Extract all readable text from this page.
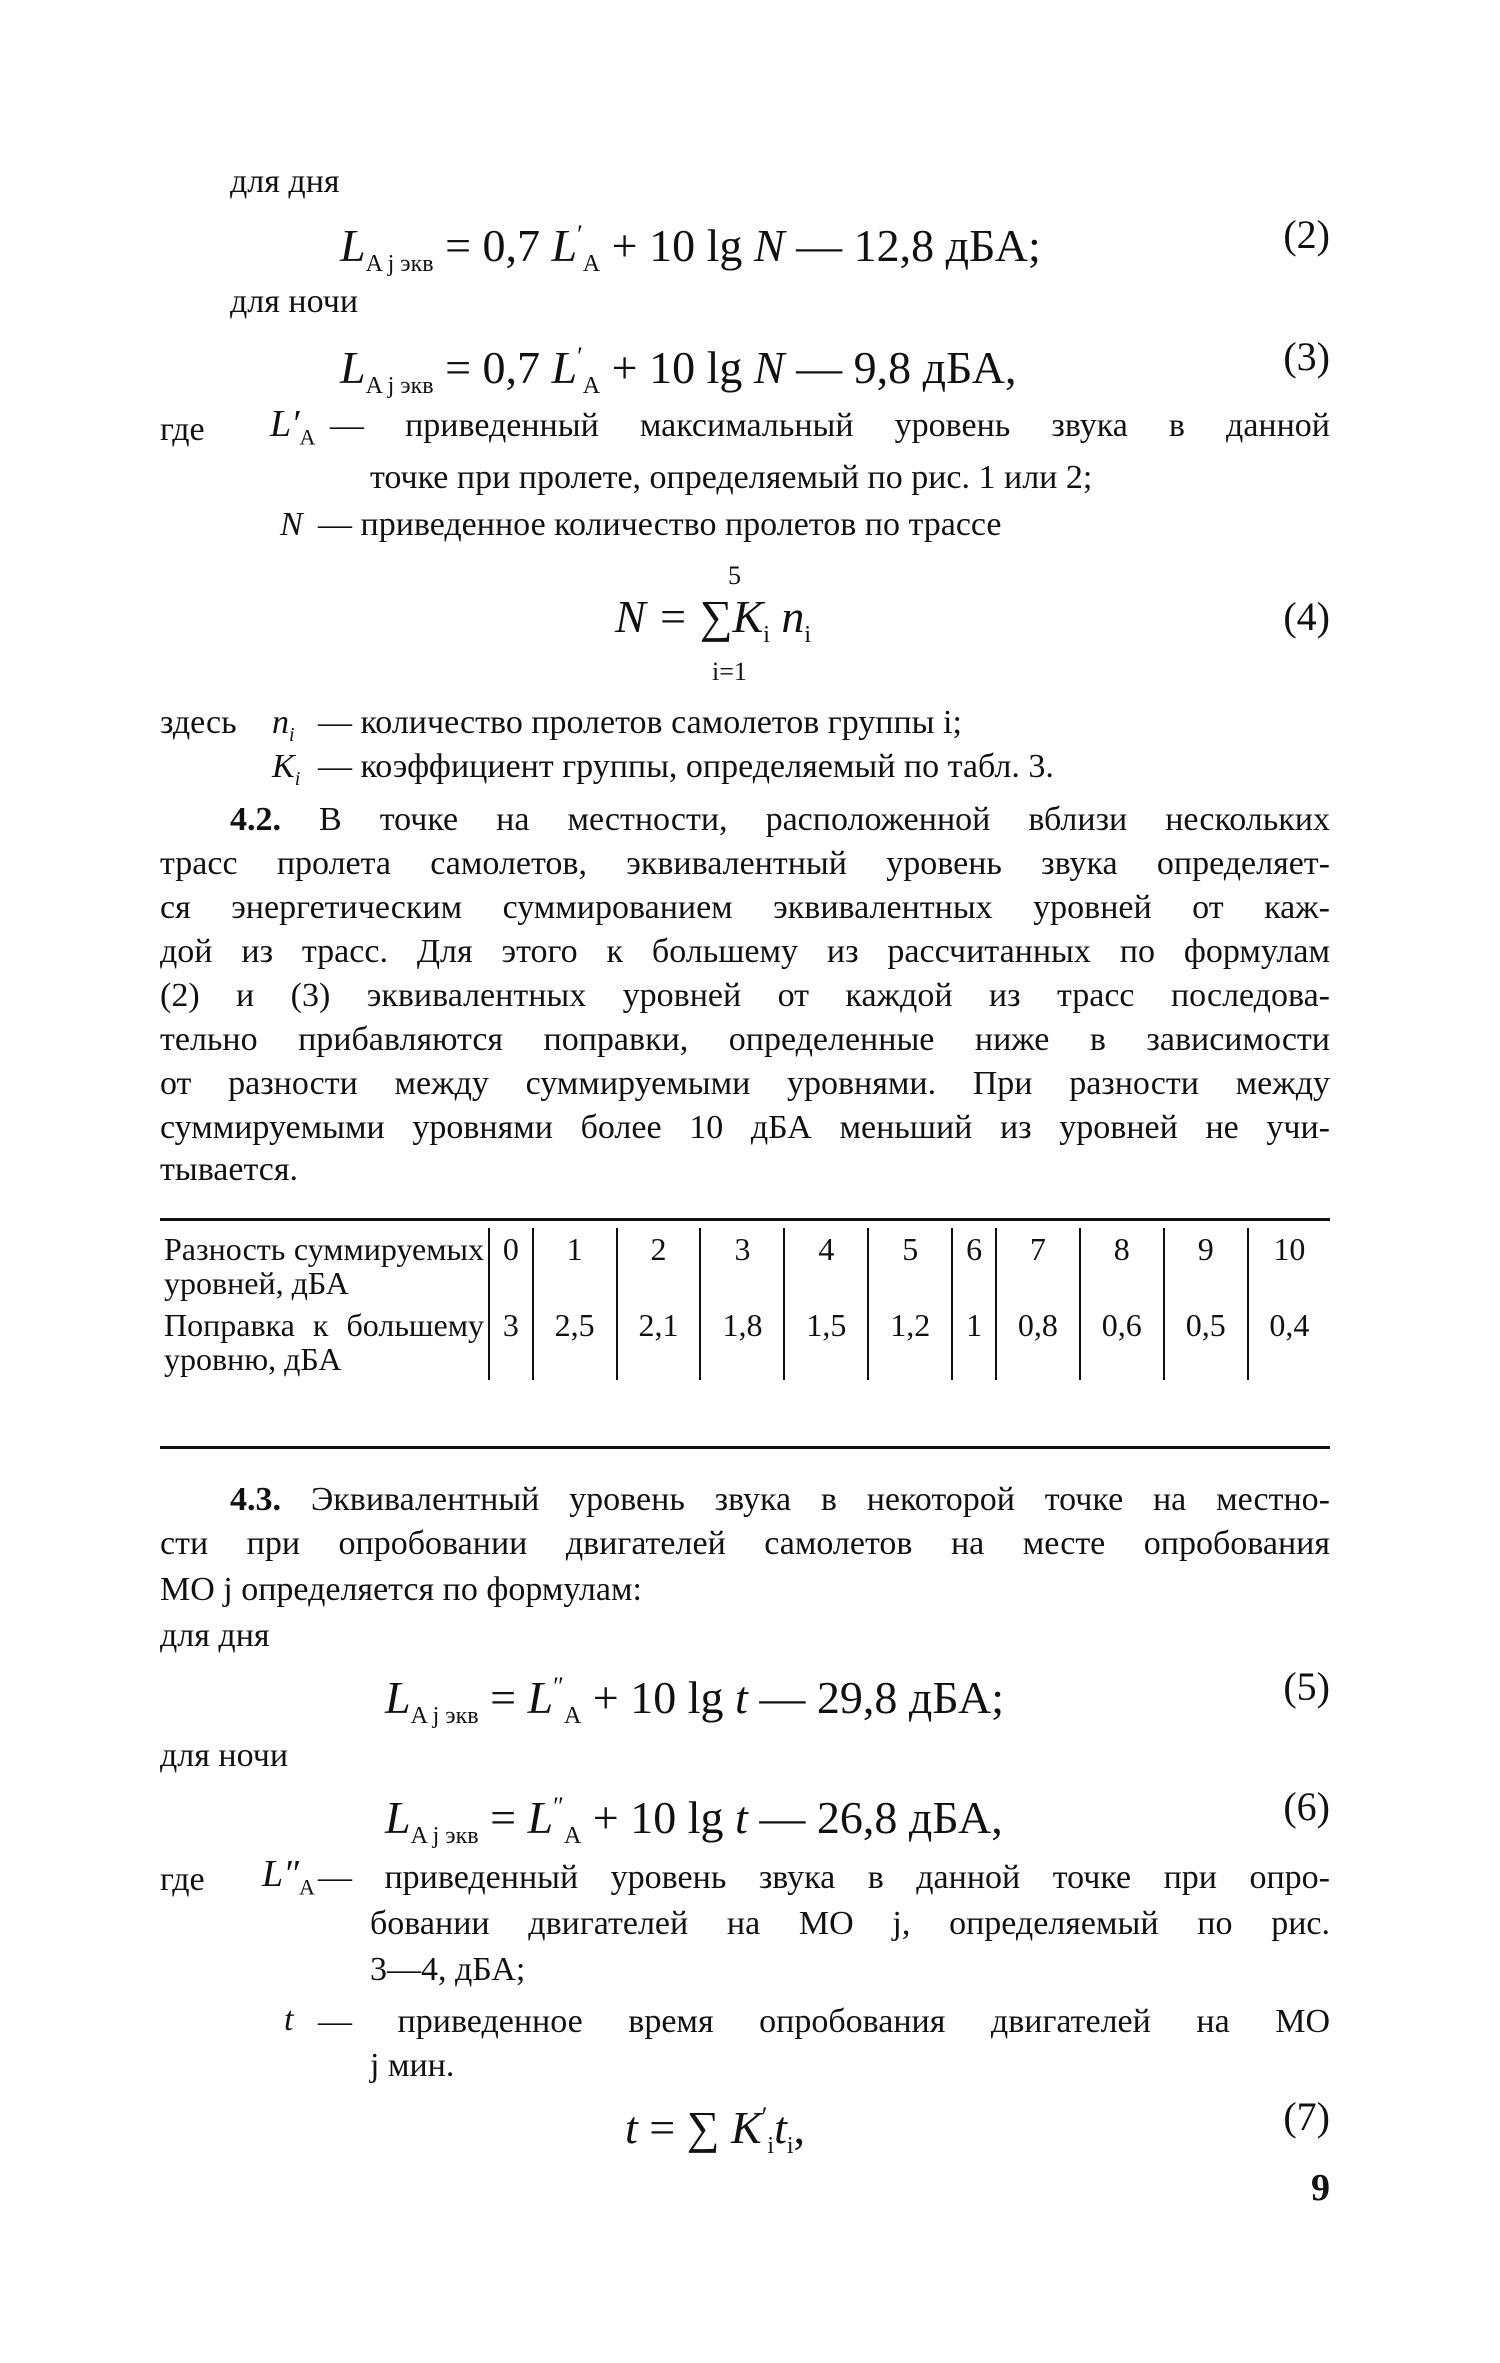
для дня
$L_{A j экв} = 0,7$ $L'_A + 10$ lg N — 12,8 дБА;	(2)
для ночи
$L_{A j экв} = 0,7$ $L'_A + 10$ lg N — 9,8 дБА,	(3)
где $L'_A$ — приведенный максимальный уровень звука в данной
точке при пролете, определяемый по рис. 1 или 2;
N — приведенное количество пролетов по трассе
5
$N = \sum K_i$ $n_i$
i=1
(4)
здесь $n_i$ — количество пролетов самолетов группы i;
$K_i$ — коэффициент группы, определяемый по табл. 3.
4.2. В точке на местности, расположенной вблизи нескольких
трасс пролета самолетов, эквивалентный уровень звука определяет-
ся энергетическим суммированием эквивалентных уровней от каж-
дой из трасс. Для этого к большему из рассчитанных по формулам
(2) и (3) эквивалентных уровней от каждой из трасс последова-
тельно прибавляются поправки, определенные ниже в зависимости
от разности между суммируемыми уровнями. При разности между
суммируемыми уровнями более 10 дБА меньший из уровней не учи-
тывается.
Разность суммируемых уровней, дБА	0	1	2	3	4	5	6	7	8	9	10
Поправка к большему уровню, дБА	3	2,5	2,1	1,8	1,5	1,2	1	0,8	0,6	0,5	0,4
4.3. Эквивалентный уровень звука в некоторой точке на местно-
сти при опробовании двигателей самолетов на месте опробования
МО j определяется по формулам:
для дня
$L_{A j экв} = L''_A + 10$ lg t — 29,8 дБА;	(5)
для ночи
$L_{A j экв} = L''_A + 10$ lg t — 26,8 дБА,	(6)
где $L''_A$ — приведенный уровень звука в данной точке при опро-
бовании двигателей на МО j, определяемый по рис.
3—4, дБА;
t — приведенное время опробования двигателей на МО
j мин.
t = ∑ $K'_it_i$,	(7)
9
